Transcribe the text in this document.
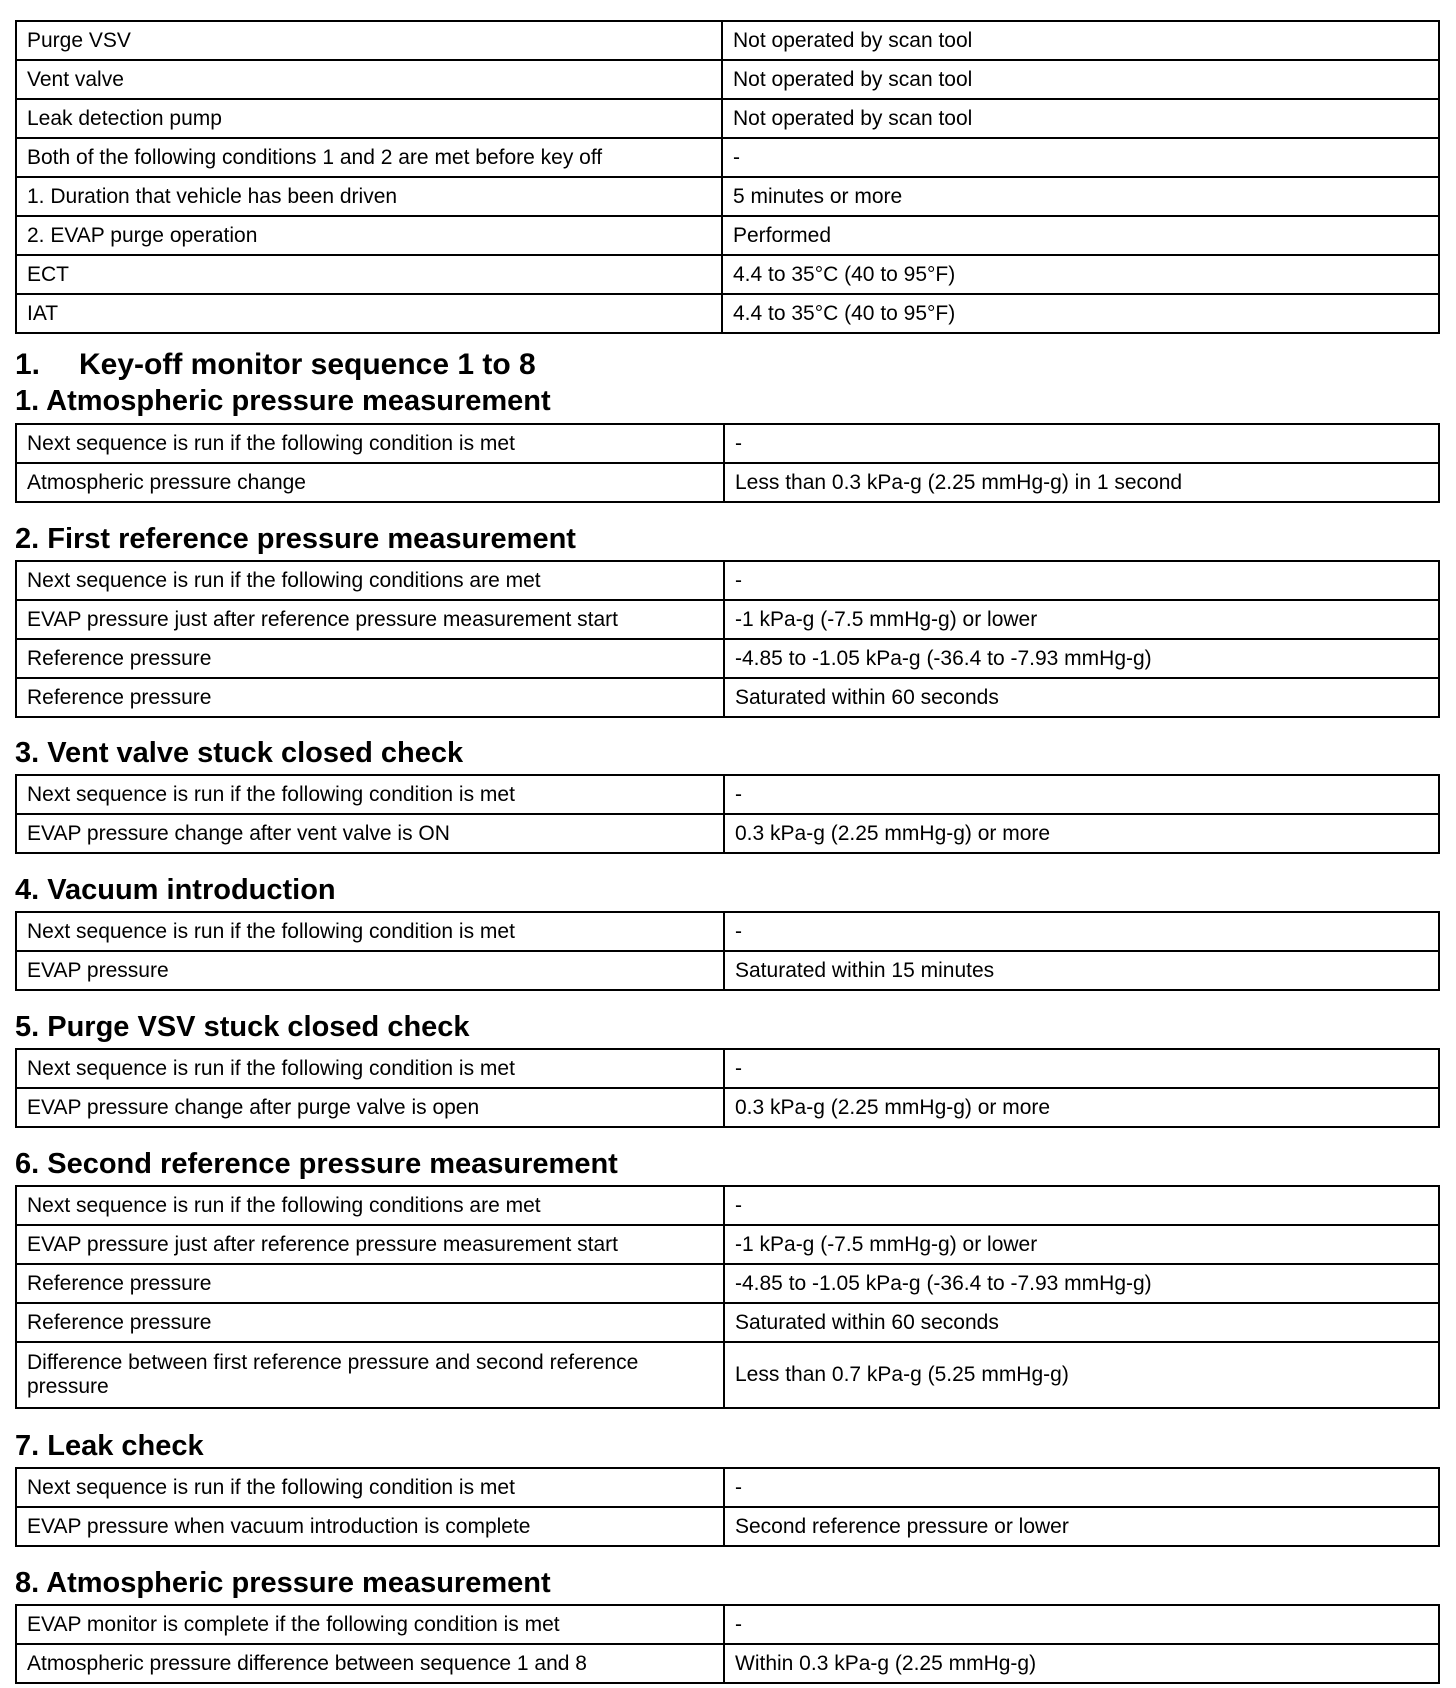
Purge VSV	Not operated by scan tool
Vent valve	Not operated by scan tool
Leak detection pump	Not operated by scan tool
Both of the following conditions 1 and 2 are met before key off	-
1. Duration that vehicle has been driven	5 minutes or more
2. EVAP purge operation	Performed
ECT	4.4 to 35°C (40 to 95°F)
IAT	4.4 to 35°C (40 to 95°F)
1. Key-off monitor sequence 1 to 8
1. Atmospheric pressure measurement
Next sequence is run if the following condition is met	-
Atmospheric pressure change	Less than 0.3 kPa-g (2.25 mmHg-g) in 1 second
2. First reference pressure measurement
Next sequence is run if the following conditions are met	-
EVAP pressure just after reference pressure measurement start	-1 kPa-g (-7.5 mmHg-g) or lower
Reference pressure	-4.85 to -1.05 kPa-g (-36.4 to -7.93 mmHg-g)
Reference pressure	Saturated within 60 seconds
3. Vent valve stuck closed check
Next sequence is run if the following condition is met	-
EVAP pressure change after vent valve is ON	0.3 kPa-g (2.25 mmHg-g) or more
4. Vacuum introduction
Next sequence is run if the following condition is met	-
EVAP pressure	Saturated within 15 minutes
5. Purge VSV stuck closed check
Next sequence is run if the following condition is met	-
EVAP pressure change after purge valve is open	0.3 kPa-g (2.25 mmHg-g) or more
6. Second reference pressure measurement
Next sequence is run if the following conditions are met	-
EVAP pressure just after reference pressure measurement start	-1 kPa-g (-7.5 mmHg-g) or lower
Reference pressure	-4.85 to -1.05 kPa-g (-36.4 to -7.93 mmHg-g)
Reference pressure	Saturated within 60 seconds
Difference between first reference pressure and second reference pressure	Less than 0.7 kPa-g (5.25 mmHg-g)
7. Leak check
Next sequence is run if the following condition is met	-
EVAP pressure when vacuum introduction is complete	Second reference pressure or lower
8. Atmospheric pressure measurement
EVAP monitor is complete if the following condition is met	-
Atmospheric pressure difference between sequence 1 and 8	Within 0.3 kPa-g (2.25 mmHg-g)
